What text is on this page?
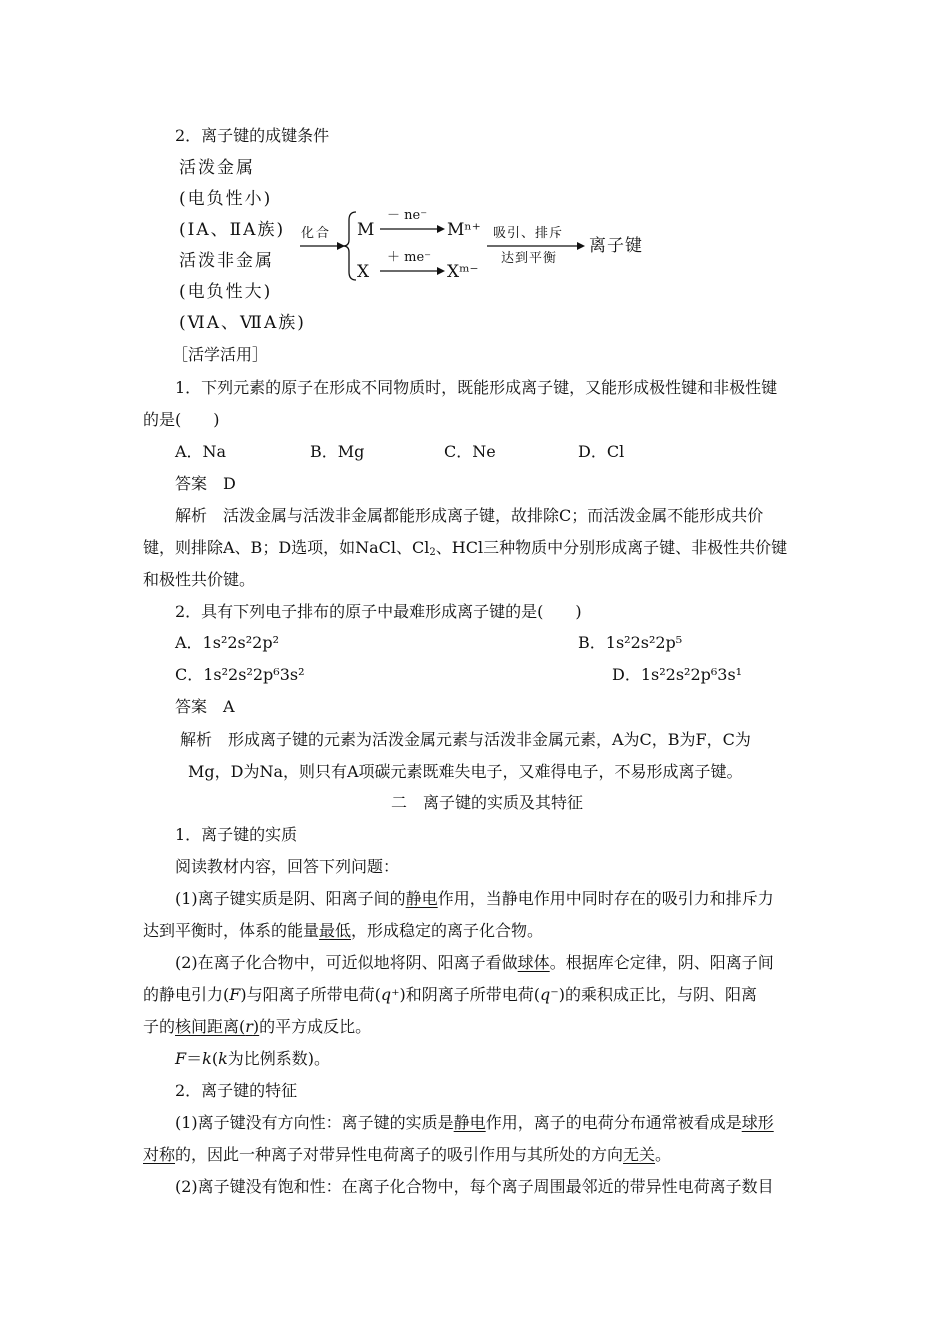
2．离子键的成键条件
活泼金属
(电负性小)
(ⅠA、ⅡA族)
活泼非金属
(电负性大)
(ⅥA、ⅦA族)
化合 M
－ ne⁻
Mⁿ⁺
X
＋ me⁻
Xᵐ⁻
吸引、排斥
达到平衡
离子键
［活学活用］
1．下列元素的原子在形成不同物质时，既能形成离子键，又能形成极性键和非极性键
的是(　　)
A．Na	B．Mg	C．Ne	D．Cl
答案　D
解析　活泼金属与活泼非金属都能形成离子键，故排除C；而活泼金属不能形成共价
键，则排除A、B；D选项，如NaCl、$Cl_2$、HCl三种物质中分别形成离子键、非极性共价键
和极性共价键。
2．具有下列电子排布的原子中最难形成离子键的是(　　)
A．1s²2s²2p²	B．1s²2s²2p⁵
C．1s²2s²2p⁶3s²	D．1s²2s²2p⁶3s¹
答案　A
解析　形成离子键的元素为活泼金属元素与活泼非金属元素，A为C，B为F，C为
Mg，D为Na，则只有A项碳元素既难失电子，又难得电子，不易形成离子键。
二　离子键的实质及其特征
1．离子键的实质
阅读教材内容，回答下列问题：
(1)离子键实质是阴、阳离子间的静电作用，当静电作用中同时存在的吸引力和排斥力
达到平衡时，体系的能量最低，形成稳定的离子化合物。
(2)在离子化合物中，可近似地将阴、阳离子看做球体。根据库仑定律，阴、阳离子间
的静电引力(F)与阳离子所带电荷(q⁺)和阴离子所带电荷(q⁻)的乘积成正比，与阴、阳离
子的核间距离(r)的平方成反比。
F＝k(k为比例系数)。
2．离子键的特征
(1)离子键没有方向性：离子键的实质是静电作用，离子的电荷分布通常被看成是球形
对称的，因此一种离子对带异性电荷离子的吸引作用与其所处的方向无关。
(2)离子键没有饱和性：在离子化合物中，每个离子周围最邻近的带异性电荷离子数目
